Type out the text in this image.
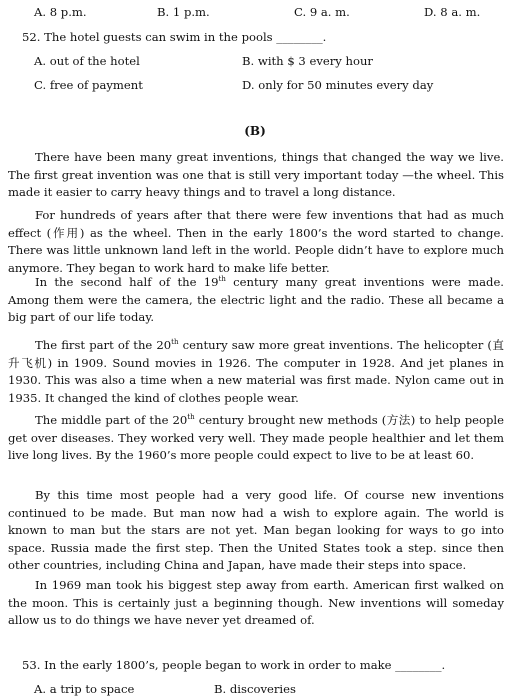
A. 8 p.m.	B. 1 p.m.	C. 9 a. m.	D. 8 a. m.
52. The hotel guests can swim in the pools ________.
A. out of the hotel	B. with $ 3 every hour
C. free of payment	D. only for 50 minutes every day
(B)

There have been many great inventions, things that changed the way we live. The first great invention was one that is still very important today —the wheel. This made it easier to carry heavy things and to travel a long distance.

For hundreds of years after that there were few inventions that had as much effect (作用) as the wheel. Then in the early 1800’s the word started to change. There was little unknown land left in the world. People didn’t have to explore much anymore. They began to work hard to make life better.

In the second half of the 19th century many great inventions were made. Among them were the camera, the electric light and the radio. These all became a big part of our life today.

The first part of the 20th century saw more great inventions. The helicopter (直升飞机) in 1909. Sound movies in 1926. The computer in 1928. And jet planes in 1930. This was also a time when a new material was first made. Nylon came out in 1935. It changed the kind of clothes people wear.

The middle part of the 20th century brought new methods (方法) to help people get over diseases. They worked very well. They made people healthier and let them live long lives. By the 1960’s more people could expect to live to be at least 60.

By this time most people had a very good life. Of course new inventions continued to be made. But man now had a wish to explore again. The world is known to man but the stars are not yet. Man began looking for ways to go into space. Russia made the first step. Then the United States took a step. since then other countries, including China and Japan, have made their steps into space.

In 1969 man took his biggest step away from earth. American first walked on the moon. This is certainly just a beginning though. New inventions will someday allow us to do things we have never yet dreamed of.

53. In the early 1800’s, people began to work in order to make ________.
A. a trip to space	B. discoveries
